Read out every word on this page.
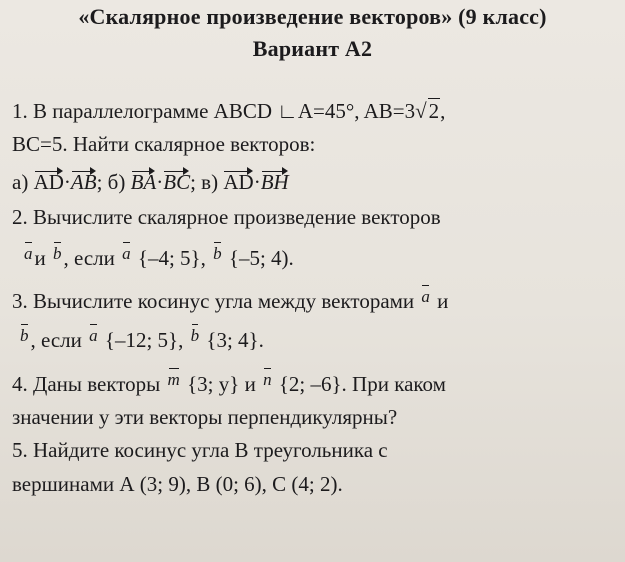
«Скалярное произведение векторов» (9 класс)
Вариант А2
1. В параллелограмме ABCD ∟A=45°, AB=3√2,
BC=5. Найти скалярное векторов:
а) AD·AB; б) BA·BC; в) AD·BH
2. Вычислите скалярное произведение векторов
aи b, если a {–4; 5}, b {–5; 4).
3. Вычислите косинус угла между векторами a и
b, если a {–12; 5}, b {3; 4}.
4. Даны векторы m {3; y} и n {2; –6}. При каком
значении y эти векторы перпендикулярны?
5. Найдите косинус угла В треугольника с
вершинами А (3; 9), В (0; 6), С (4; 2).
